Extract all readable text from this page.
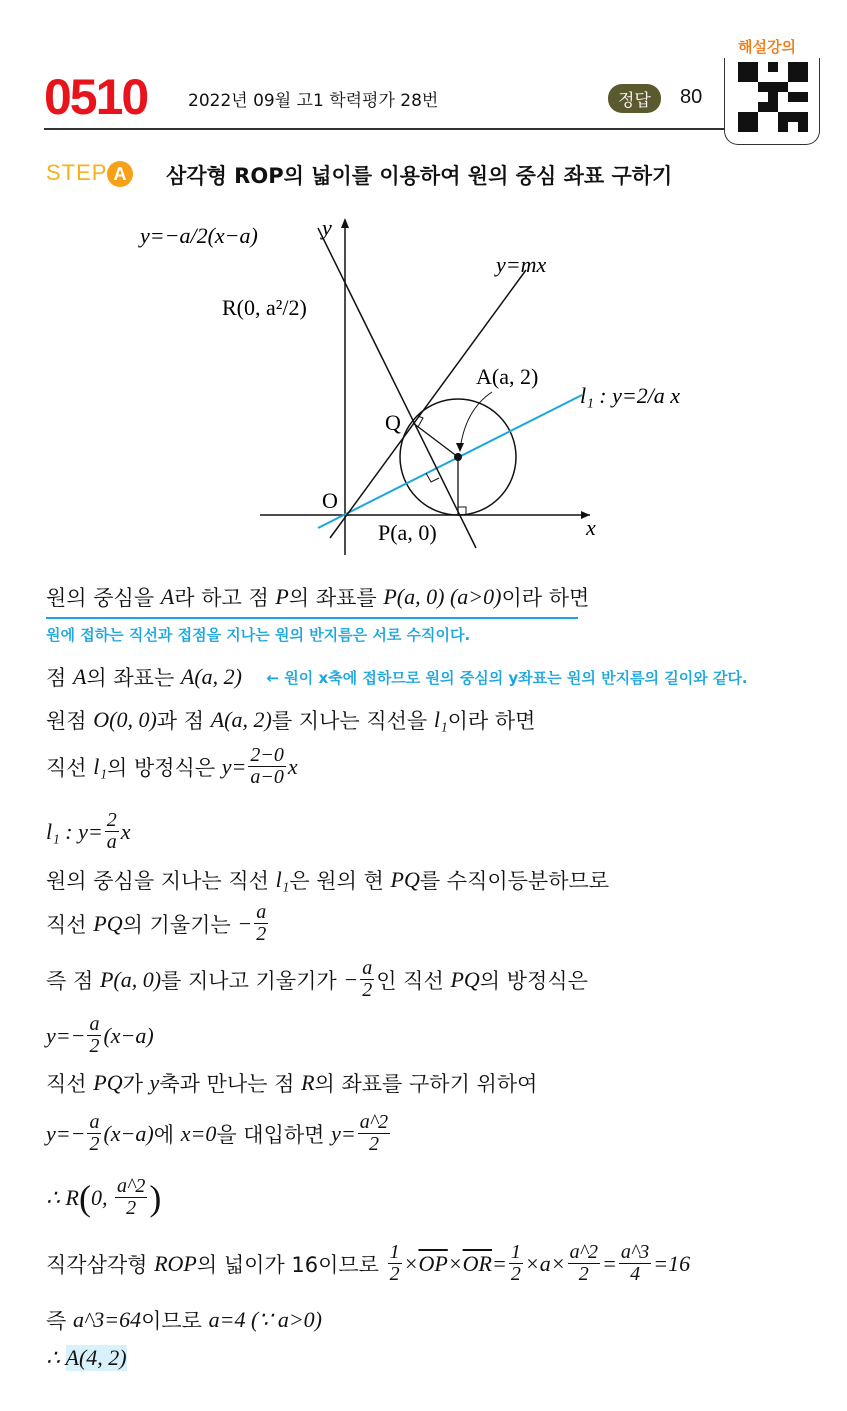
0510 2022년 09월 고1 학력평가 28번	정답	80
해설강의
STEP A 삼각형 ROP의 넓이를 이용하여 원의 중심 좌표 구하기
y=−a/2(x−a)	y
y=mx
R(0, a²/2)
A(a, 2)
l₁ : y=2/a x
Q
O
P(a, 0)	x
원의 중심을 A 라 하고 점 P 의 좌표를 P(a, 0) (a>0) 이라 하면
원에 접하는 직선과 접점을 지나는 원의 반지름은 서로 수직이다.
점 A 의 좌표는 A(a, 2) ← 원이 x축에 접하므로 원의 중심의 y좌표는 원의 반지름의 길이와 같다.
원점 O(0, 0) 과 점 A(a, 2) 를 지나는 직선을 l₁ 이라 하면
직선 l₁ 의 방정식은 $y= \frac{2-0}{a-0}$ x
l₁ : $y= \frac{2}{a}$ x
원의 중심을 지나는 직선 l₁ 은 원의 현 PQ 를 수직이등분하므로
직선 PQ 의 기울기는 − $\frac{a}{2}$
즉 점 P(a, 0) 를 지나고 기울기가 − $\frac{a}{2}$ 인 직선 PQ 의 방정식은
$y=- \frac{a}{2} (x-a)$
직선 PQ 가 y 축과 만나는 점 R 의 좌표를 구하기 위하여
$y=- \frac{a}{2} (x-a)$ 에 x=0 을 대입하면 $y= \frac{a\^{}2}{2}$
∴ R ( 0, $\frac{a\^{}2}{2}$ )
직각삼각형 ROP 의 넓이가 16이므로 $\frac{1}{2} \times \overline{OP} \times \overline{OR} = \frac{1}{2} \times a\times \frac{a\^{}2}{2} = \frac{a\^{}3}{4} =16$
즉 a^3=64 이므로 a=4 (∵ a>0)
∴ A(4, 2)
